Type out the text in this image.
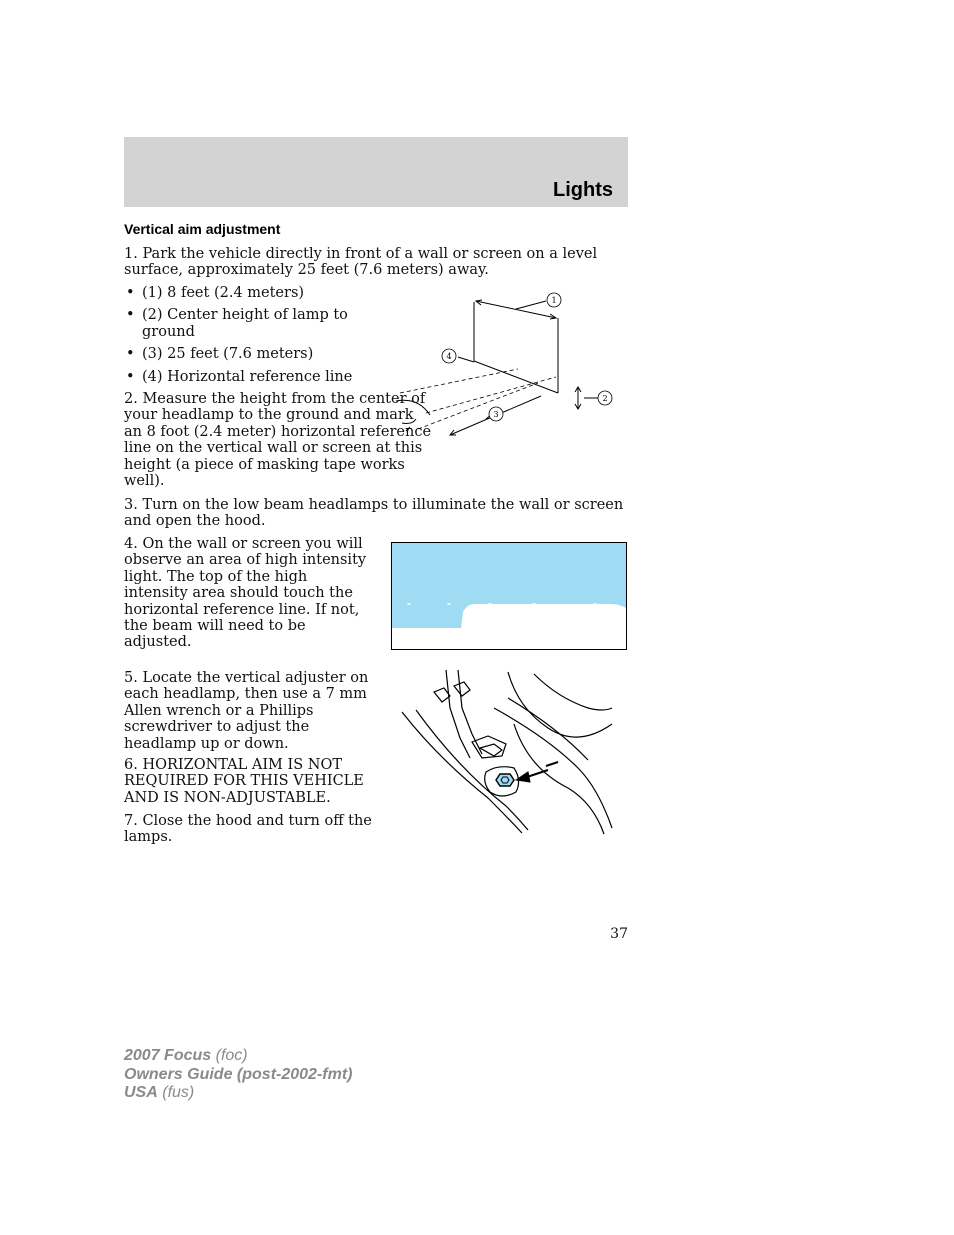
Lights
Vertical aim adjustment

1. Park the vehicle directly in front of a wall or screen on a level surface, approximately 25 feet (7.6 meters) away.

• (1) 8 feet (2.4 meters)
• (2) Center height of lamp to ground
• (3) 25 feet (7.6 meters)
• (4) Horizontal reference line

2. Measure the height from the center of your headlamp to the ground and mark an 8 foot (2.4 meter) horizontal reference line on the vertical wall or screen at this height (a piece of masking tape works well).

1
2
3
4

3. Turn on the low beam headlamps to illuminate the wall or screen and open the hood.

4. On the wall or screen you will observe an area of high intensity light. The top of the high intensity area should touch the horizontal reference line. If not, the beam will need to be adjusted.

5. Locate the vertical adjuster on each headlamp, then use a 7 mm Allen wrench or a Phillips screwdriver to adjust the headlamp up or down.

6. HORIZONTAL AIM IS NOT REQUIRED FOR THIS VEHICLE AND IS NON-ADJUSTABLE.

7. Close the hood and turn off the lamps.

37
2007 Focus (foc)
Owners Guide (post-2002-fmt)
USA (fus)
